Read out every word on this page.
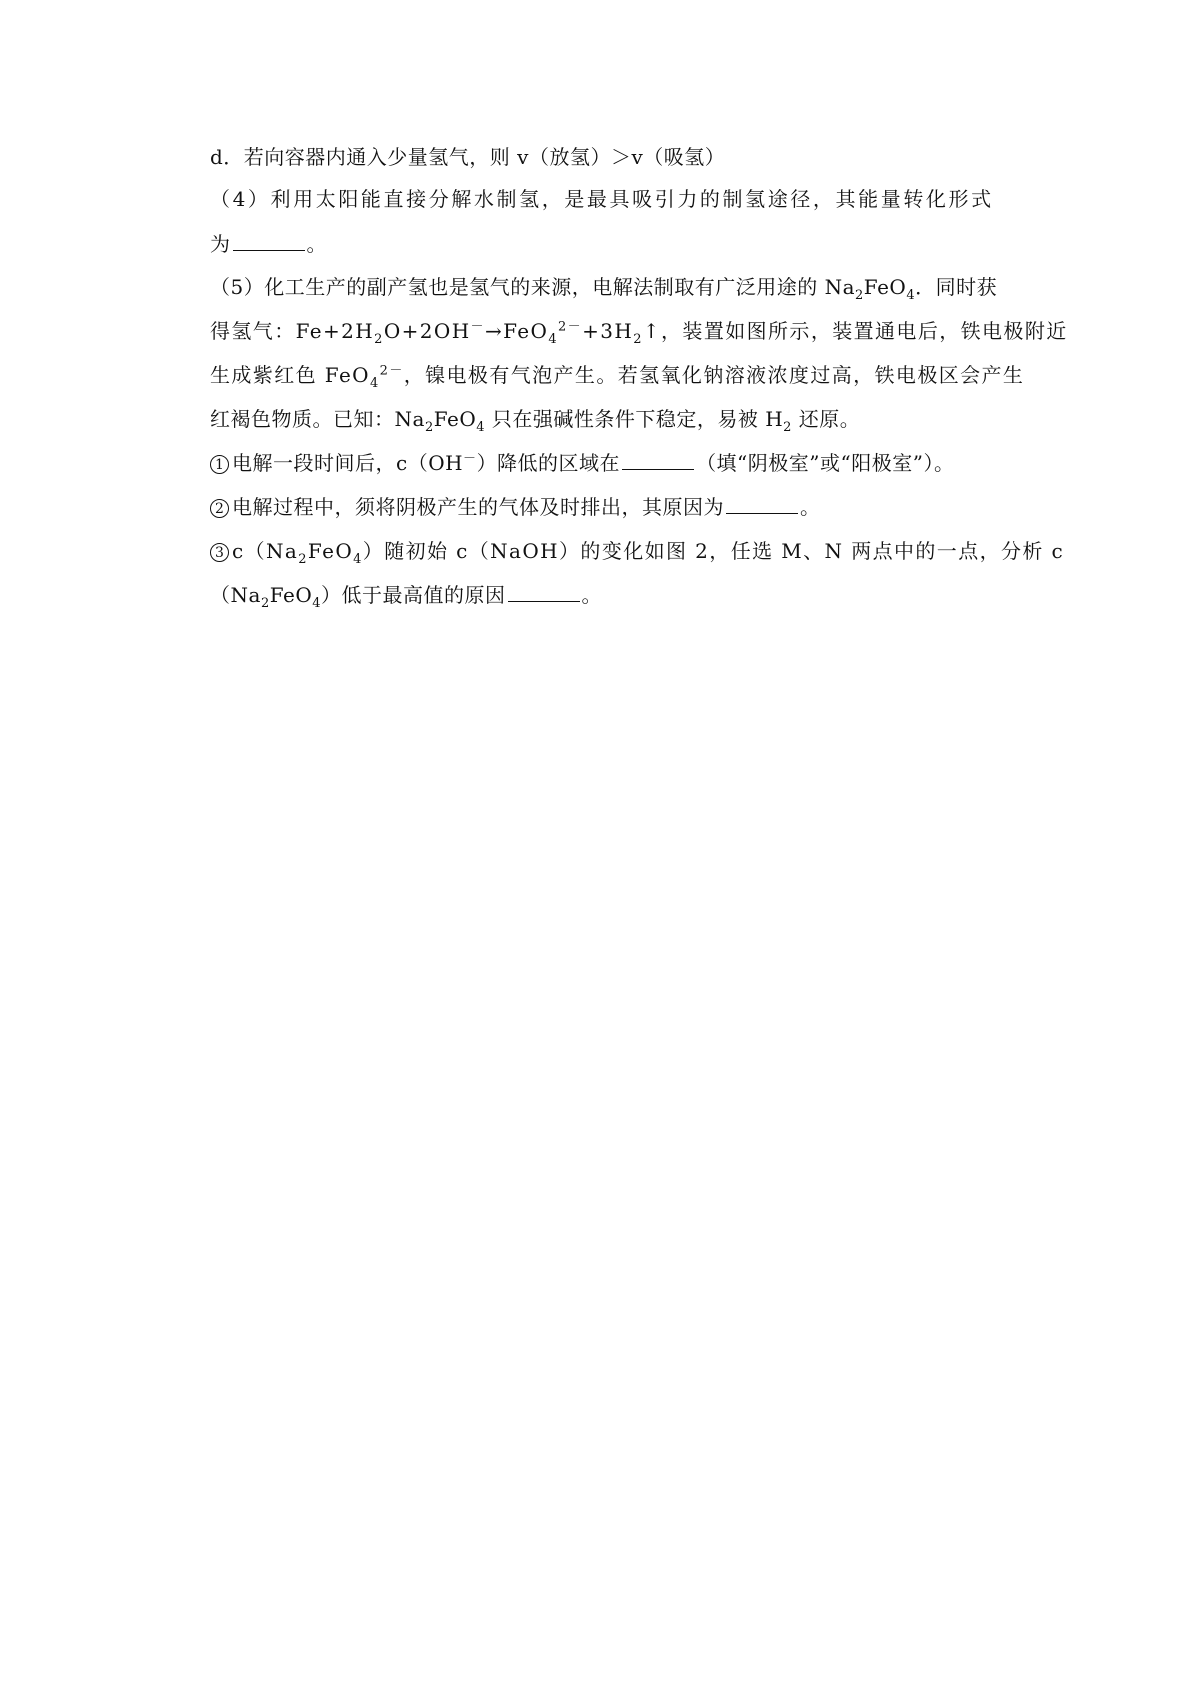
d．若向容器内通入少量氢气，则 v（放氢）＞v（吸氢）
（4）利用太阳能直接分解水制氢，是最具吸引力的制氢途径，其能量转化形式
为	。
（5）化工生产的副产氢也是氢气的来源，电解法制取有广泛用途的 $Na_2FeO_4$．同时获
得氢气：$Fe+2H_2O+2OH^-\to FeO_4^{2-}+3H_2↑$，装置如图所示，装置通电后，铁电极附近
生成紫红色 FeO$_4^{2-}$，镍电极有气泡产生。若氢氧化钠溶液浓度过高，铁电极区会产生
红褐色物质。已知：$Na_2FeO_4$ 只在强碱性条件下稳定，易被 $H_2$ 还原。
1 电解一段时间后，c（OH－）降低的区域在	（填“阴极室”或“阳极室”）。
2 电解过程中，须将阴极产生的气体及时排出，其原因为	。
3 $c(Na_2FeO_4)$随初始 c（NaOH）的变化如图 2，任选 M、N 两点中的一点，分析 c
$(Na_2FeO_4)$低于最高值的原因	。
